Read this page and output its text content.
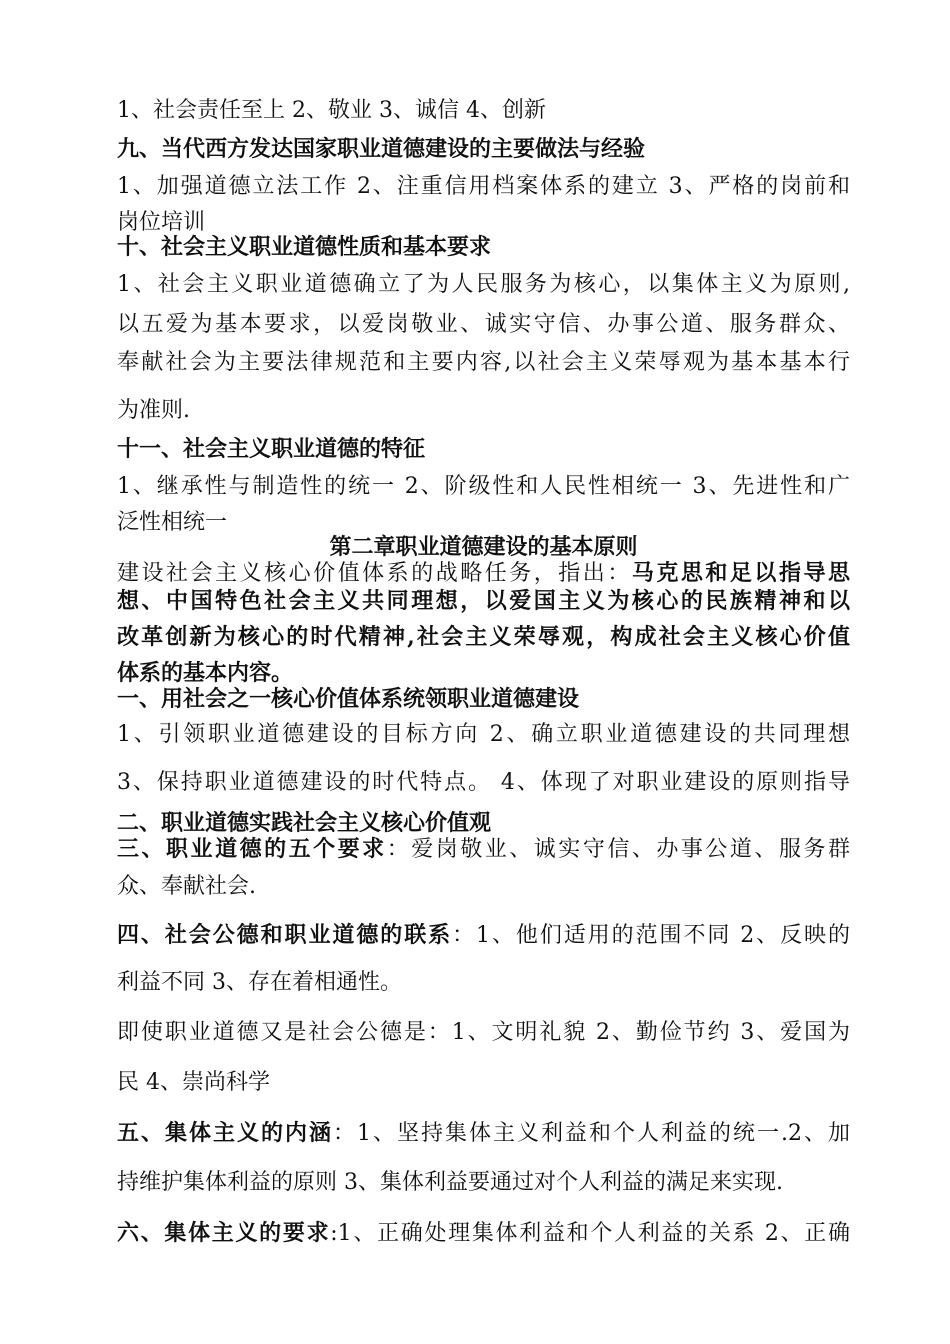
1、社会责任至上 2、敬业 3、诚信 4、创新
九、当代西方发达国家职业道德建设的主要做法与经验
1、加强道德立法工作 2、注重信用档案体系的建立 3、严格的岗前和
岗位培训
十、社会主义职业道德性质和基本要求
1、社会主义职业道德确立了为人民服务为核心，以集体主义为原则,
以五爱为基本要求，以爱岗敬业、诚实守信、办事公道、服务群众、
奉献社会为主要法律规范和主要内容,以社会主义荣辱观为基本基本行
为准则.
十一、社会主义职业道德的特征
1、继承性与制造性的统一 2、阶级性和人民性相统一 3、先进性和广
泛性相统一
第二章职业道德建设的基本原则
建设社会主义核心价值体系的战略任务，指出：马克思和足以指导思
想、中国特色社会主义共同理想，以爱国主义为核心的民族精神和以
改革创新为核心的时代精神,社会主义荣辱观，构成社会主义核心价值
体系的基本内容。
一、用社会之一核心价值体系统领职业道德建设
1、引领职业道德建设的目标方向 2、确立职业道德建设的共同理想
3、保持职业道德建设的时代特点。 4、体现了对职业建设的原则指导
二、职业道德实践社会主义核心价值观
三、职业道德的五个要求：爱岗敬业、诚实守信、办事公道、服务群
众、奉献社会.
四、社会公德和职业道德的联系：1、他们适用的范围不同 2、反映的
利益不同 3、存在着相通性。
即使职业道德又是社会公德是：1、文明礼貌 2、勤俭节约 3、爱国为
民 4、崇尚科学
五、集体主义的内涵：1、坚持集体主义利益和个人利益的统一.2、加
持维护集体利益的原则 3、集体利益要通过对个人利益的满足来实现.
六、集体主义的要求:1、正确处理集体利益和个人利益的关系 2、正确
